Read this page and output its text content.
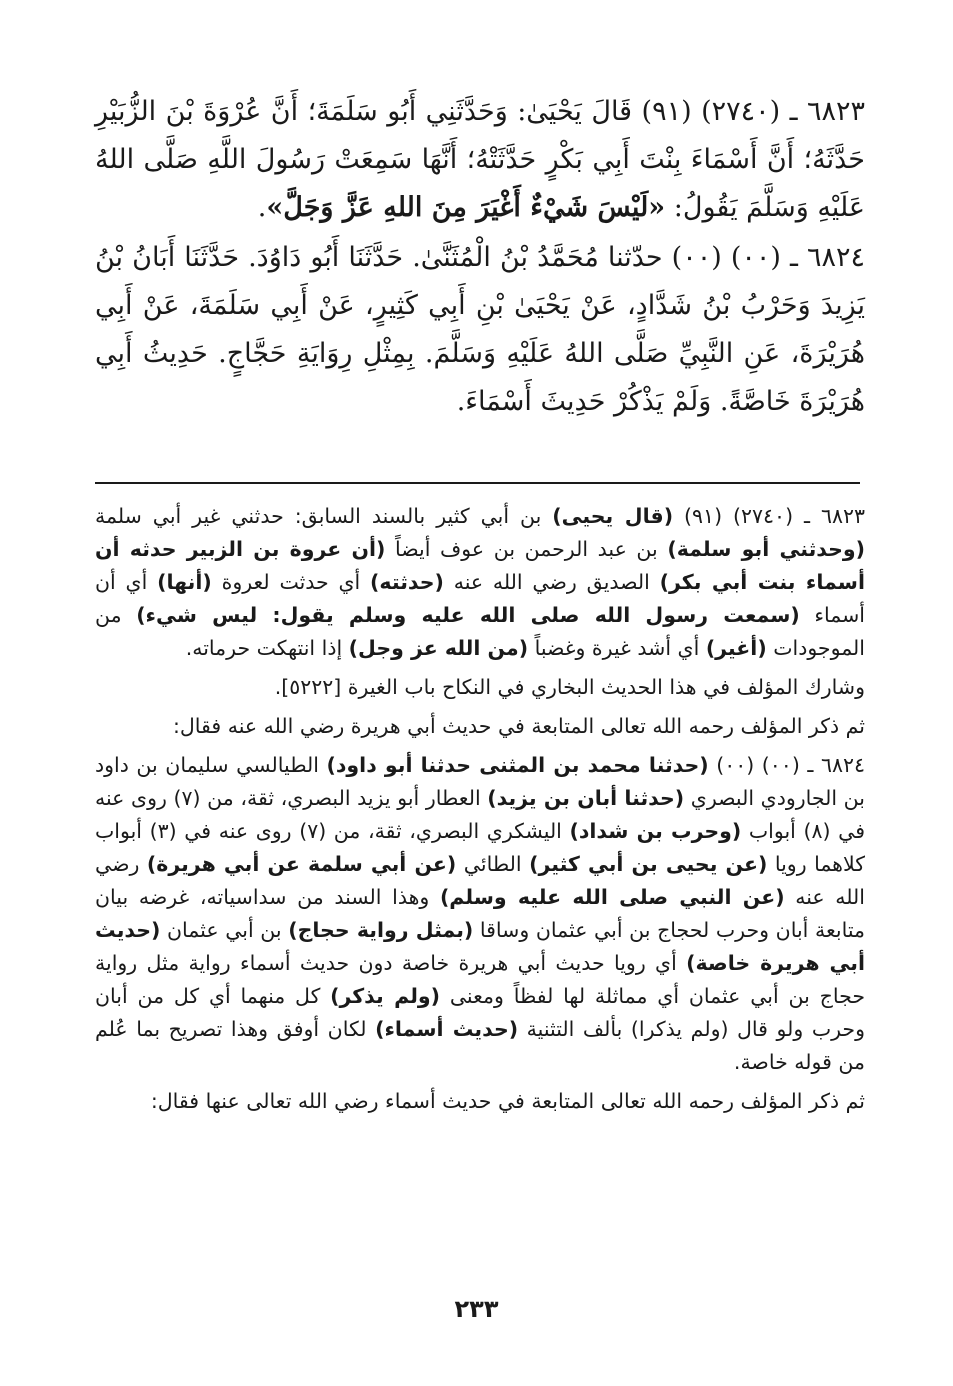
٦٨٢٣ ـ (٢٧٤٠) (٩١) قَالَ يَحْيَىٰ: وَحَدَّثَنِي أَبُو سَلَمَةَ؛ أَنَّ عُرْوَةَ بْنَ الزُّبَيْرِ حَدَّثَهُ؛ أَنَّ أَسْمَاءَ بِنْتَ أَبِي بَكْرٍ حَدَّثَتْهُ؛ أَنَّهَا سَمِعَتْ رَسُولَ اللَّهِ صَلَّى اللهُ عَلَيْهِ وَسَلَّمَ يَقُولُ: «لَيْسَ شَيْءٌ أَغْيَرَ مِنَ اللهِ عَزَّ وَجَلَّ».

٦٨٢٤ ـ (٠٠) (٠٠) حدّثنا مُحَمَّدُ بْنُ الْمُثَنَّىٰ. حَدَّثَنَا أَبُو دَاوُدَ. حَدَّثَنَا أَبَانُ بْنُ يَزِيدَ وَحَرْبُ بْنُ شَدَّادٍ، عَنْ يَحْيَىٰ بْنِ أَبِي كَثِيرٍ، عَنْ أَبِي سَلَمَةَ، عَنْ أَبِي هُرَيْرَةَ، عَنِ النَّبِيِّ صَلَّى اللهُ عَلَيْهِ وَسَلَّمَ. بِمِثْلِ رِوَايَةِ حَجَّاجٍ. حَدِيثُ أَبِي هُرَيْرَةَ خَاصَّةً. وَلَمْ يَذْكُرْ حَدِيثَ أَسْمَاءَ.

٦٨٢٣ ـ (٢٧٤٠) (٩١) (قال يحيى) بن أبي كثير بالسند السابق: حدثني غير أبي سلمة (وحدثني أبو سلمة) بن عبد الرحمن بن عوف أيضاً (أن عروة بن الزبير حدثه أن أسماء بنت أبي بكر) الصديق رضي الله عنه (حدثته) أي حدثت لعروة (أنها) أي أن أسماء (سمعت رسول الله صلى الله عليه وسلم يقول: ليس شيء) من الموجودات (أغير) أي أشد غيرة وغضباً (من الله عز وجل) إذا انتهكت حرماته.

وشارك المؤلف في هذا الحديث البخاري في النكاح باب الغيرة [٥٢٢٢].

ثم ذكر المؤلف رحمه الله تعالى المتابعة في حديث أبي هريرة رضي الله عنه فقال:

٦٨٢٤ ـ (٠٠) (٠٠) (حدثنا محمد بن المثنى حدثنا أبو داود) الطيالسي سليمان بن داود بن الجارودي البصري (حدثنا أبان بن يزيد) العطار أبو يزيد البصري، ثقة، من (٧) روى عنه في (٨) أبواب (وحرب بن شداد) اليشكري البصري، ثقة، من (٧) روى عنه في (٣) أبواب كلاهما رويا (عن يحيى بن أبي كثير) الطائي (عن أبي سلمة عن أبي هريرة) رضي الله عنه (عن النبي صلى الله عليه وسلم) وهذا السند من سداسياته، غرضه بيان متابعة أبان وحرب لحجاج بن أبي عثمان وساقا (بمثل رواية حجاج) بن أبي عثمان (حديث أبي هريرة خاصة) أي رويا حديث أبي هريرة خاصة دون حديث أسماء رواية مثل رواية حجاج بن أبي عثمان أي مماثلة لها لفظاً ومعنى (ولم يذكر) كل منهما أي كل من أبان وحرب ولو قال (ولم يذكرا) بألف التثنية (حديث أسماء) لكان أوفق وهذا تصريح بما عُلم من قوله خاصة.

ثم ذكر المؤلف رحمه الله تعالى المتابعة في حديث أسماء رضي الله تعالى عنها فقال:

٢٣٣
